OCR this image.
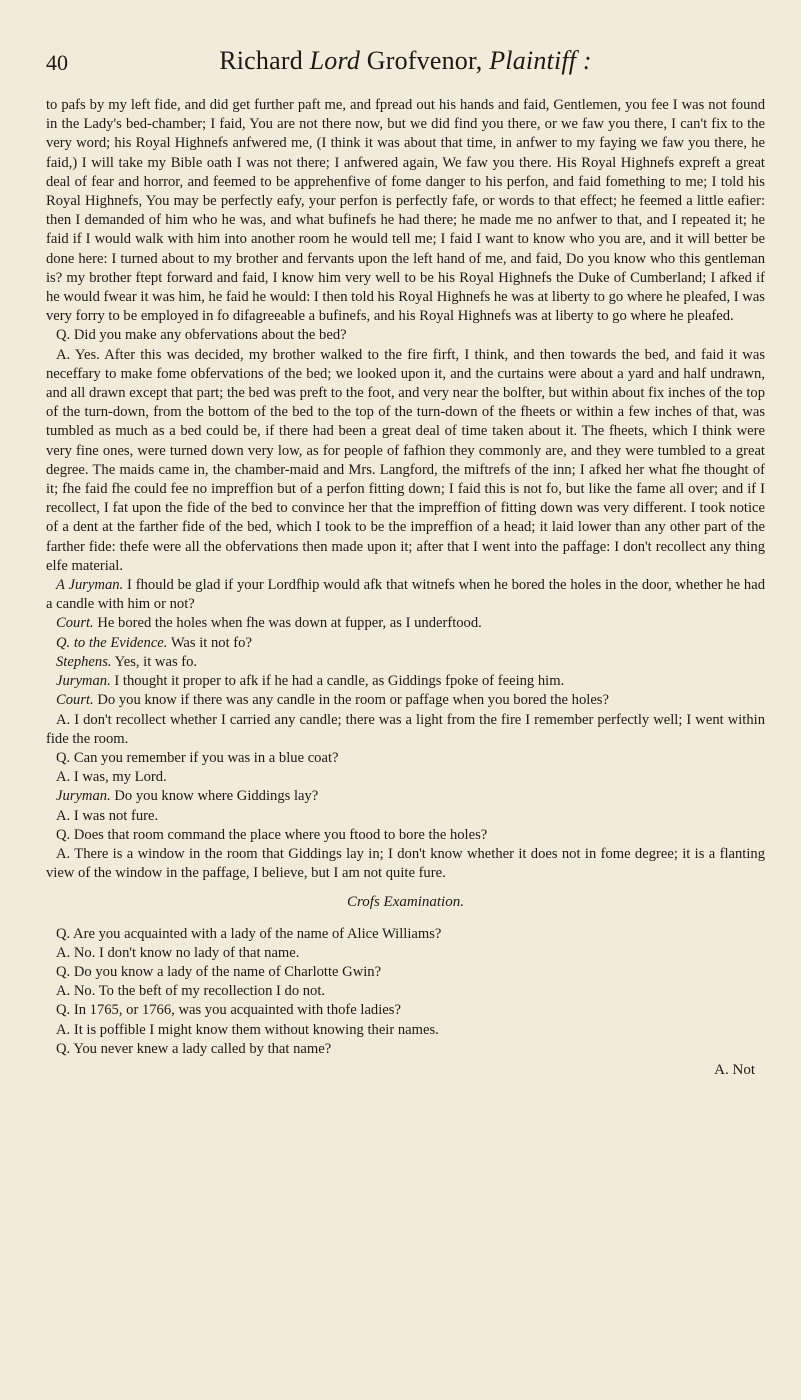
40	Richard Lord Grofvenor, Plaintiff :

to pafs by my left fide, and did get further paft me, and fpread out his hands and faid, Gentlemen, you fee I was not found in the Lady's bed-chamber; I faid, You are not there now, but we did find you there, or we faw you there, I can't fix to the very word; his Royal Highnefs anfwered me, (I think it was about that time, in anfwer to my faying we faw you there, he faid,) I will take my Bible oath I was not there; I anfwered again, We faw you there. His Royal Highnefs expreft a great deal of fear and horror, and feemed to be apprehenfive of fome danger to his perfon, and faid fomething to me; I told his Royal Highnefs, You may be perfectly eafy, your perfon is perfectly fafe, or words to that effect; he feemed a little eafier: then I demanded of him who he was, and what bufinefs he had there; he made me no anfwer to that, and I repeated it; he faid if I would walk with him into another room he would tell me; I faid I want to know who you are, and it will better be done here: I turned about to my brother and fervants upon the left hand of me, and faid, Do you know who this gentleman is? my brother ftept forward and faid, I know him very well to be his Royal Highnefs the Duke of Cumberland; I afked if he would fwear it was him, he faid he would: I then told his Royal Highnefs he was at liberty to go where he pleafed, I was very forry to be employed in fo difagreeable a bufinefs, and his Royal Highnefs was at liberty to go where he pleafed.

Q. Did you make any obfervations about the bed?

A. Yes. After this was decided, my brother walked to the fire firft, I think, and then towards the bed, and faid it was neceffary to make fome obfervations of the bed; we looked upon it, and the curtains were about a yard and half undrawn, and all drawn except that part; the bed was preft to the foot, and very near the bolfter, but within about fix inches of the top of the turn-down, from the bottom of the bed to the top of the turn-down of the fheets or within a few inches of that, was tumbled as much as a bed could be, if there had been a great deal of time taken about it. The fheets, which I think were very fine ones, were turned down very low, as for people of fafhion they commonly are, and they were tumbled to a great degree. The maids came in, the chamber-maid and Mrs. Langford, the miftrefs of the inn; I afked her what fhe thought of it; fhe faid fhe could fee no impreffion but of a perfon fitting down; I faid this is not fo, but like the fame all over; and if I recollect, I fat upon the fide of the bed to convince her that the impreffion of fitting down was very different. I took notice of a dent at the farther fide of the bed, which I took to be the impreffion of a head; it laid lower than any other part of the farther fide: thefe were all the obfervations then made upon it; after that I went into the paffage: I don't recollect any thing elfe material.

A Juryman. I fhould be glad if your Lordfhip would afk that witnefs when he bored the holes in the door, whether he had a candle with him or not?

Court. He bored the holes when fhe was down at fupper, as I underftood.

Q. to the Evidence. Was it not fo?

Stephens. Yes, it was fo.

Juryman. I thought it proper to afk if he had a candle, as Giddings fpoke of feeing him.

Court. Do you know if there was any candle in the room or paffage when you bored the holes?

A. I don't recollect whether I carried any candle; there was a light from the fire I remember perfectly well; I went within fide the room.

Q. Can you remember if you was in a blue coat?

A. I was, my Lord.

Juryman. Do you know where Giddings lay?

A. I was not fure.

Q. Does that room command the place where you ftood to bore the holes?

A. There is a window in the room that Giddings lay in; I don't know whether it does not in fome degree; it is a flanting view of the window in the paffage, I believe, but I am not quite fure.

Crofs Examination.

Q. Are you acquainted with a lady of the name of Alice Williams?

A. No. I don't know no lady of that name.

Q. Do you know a lady of the name of Charlotte Gwin?

A. No. To the beft of my recollection I do not.

Q. In 1765, or 1766, was you acquainted with thofe ladies?

A. It is poffible I might know them without knowing their names.

Q. You never knew a lady called by that name?

A. Not
